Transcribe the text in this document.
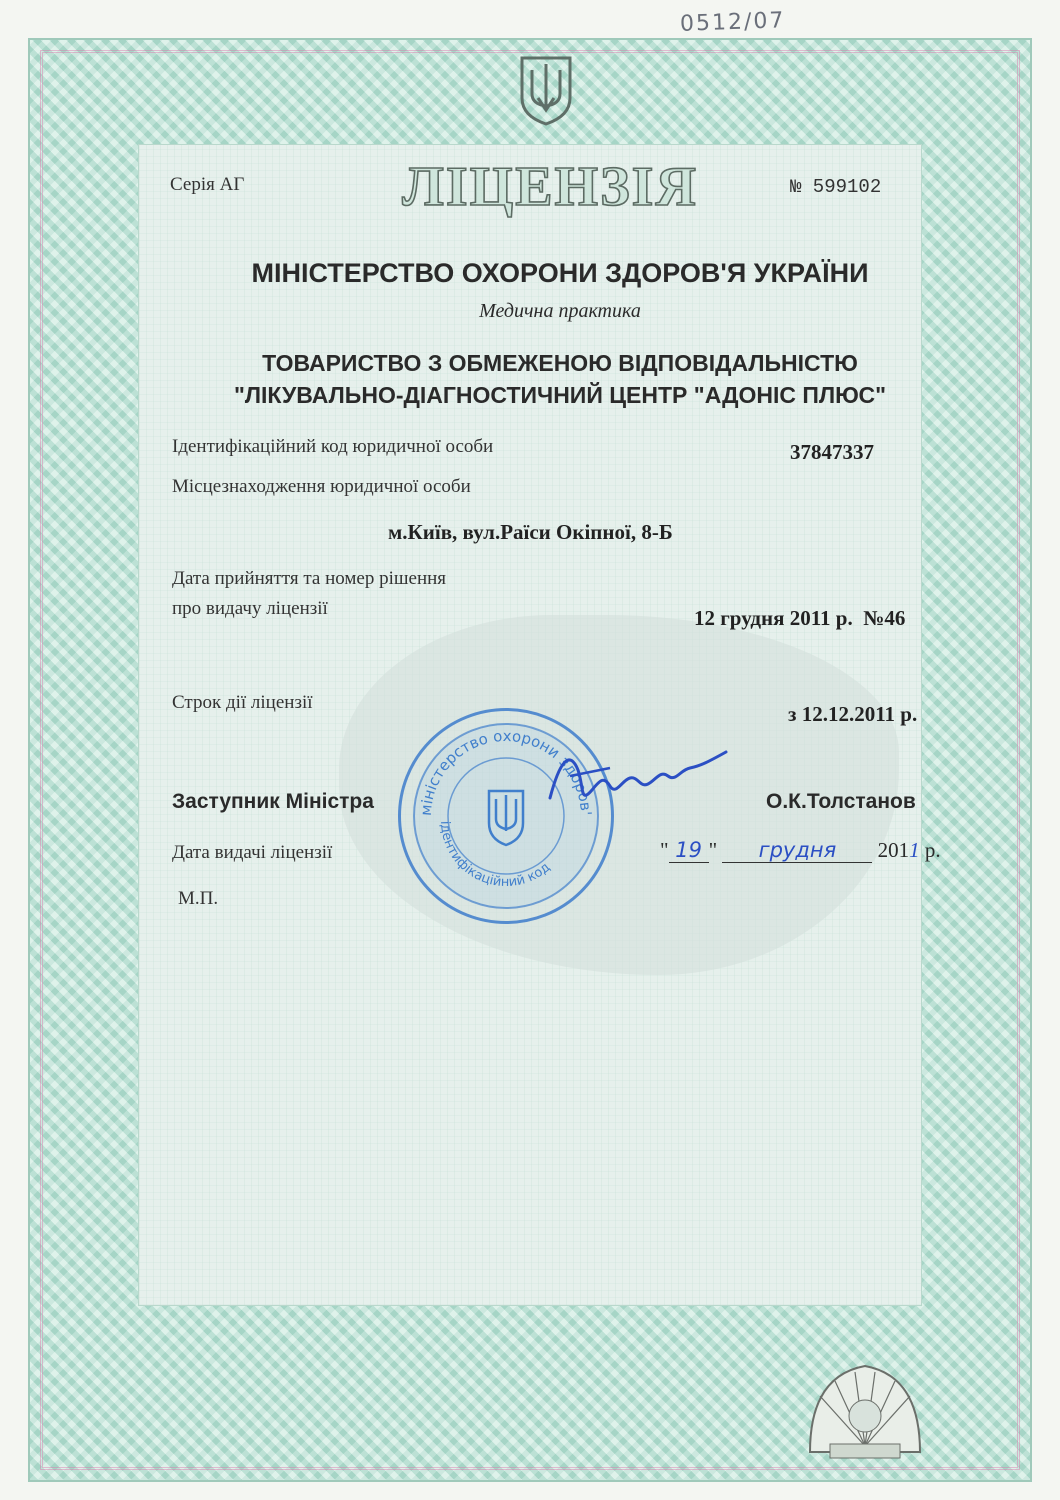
0512/07
Серія АГ	ЛІЦЕНЗІЯ	№ 599102
МІНІСТЕРСТВО ОХОРОНИ ЗДОРОВ'Я УКРАЇНИ
Медична практика
ТОВАРИСТВО З ОБМЕЖЕНОЮ ВІДПОВІДАЛЬНІСТЮ
"ЛІКУВАЛЬНО-ДІАГНОСТИЧНИЙ ЦЕНТР "АДОНІС ПЛЮС"
Ідентифікаційний код юридичної особи	37847337
Місцезнаходження юридичної особи
м.Київ, вул.Раїси Окіпної, 8-Б
Дата прийняття та номер рішення
про видачу ліцензії	12 грудня 2011 р.  №46
Строк дії ліцензії	з 12.12.2011 р.
міністерство охорони здоров'
ідентифікаційний код
Заступник Міністра	О.К.Толстанов
Дата видачі ліцензії	" 19 " грудня 2011 р.
М.П.
